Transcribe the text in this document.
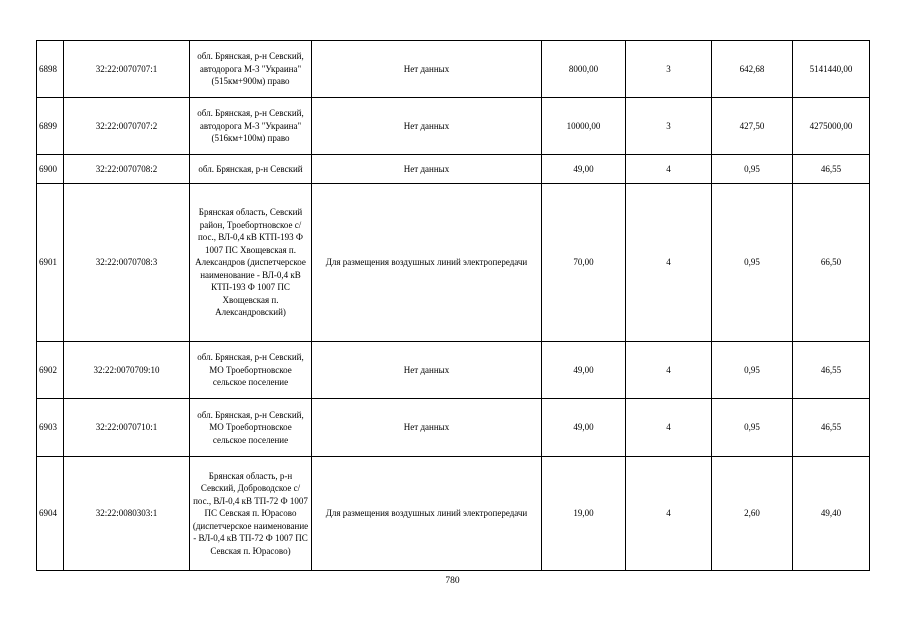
6898	32:22:0070707:1	обл. Брянская, р-н Севский, автодорога М-3 "Украина" (515км+900м) право	Нет данных	8000,00	3	642,68	5141440,00
6899	32:22:0070707:2	обл. Брянская, р-н Севский, автодорога М-3 "Украина" (516км+100м) право	Нет данных	10000,00	3	427,50	4275000,00
6900	32:22:0070708:2	обл. Брянская, р-н Севский	Нет данных	49,00	4	0,95	46,55
6901	32:22:0070708:3	Брянская область, Севский район, Троебортновское с/пос., ВЛ-0,4 кВ КТП-193 Ф 1007 ПС Хвощевская п. Александров (диспетчерское наименование - ВЛ-0,4 кВ КТП-193 Ф 1007 ПС Хвощевская п. Александровский)	Для размещения воздушных линий электропередачи	70,00	4	0,95	66,50
6902	32:22:0070709:10	обл. Брянская, р-н Севский, МО Троебортновское сельское поселение	Нет данных	49,00	4	0,95	46,55
6903	32:22:0070710:1	обл. Брянская, р-н Севский, МО Троебортновское сельское поселение	Нет данных	49,00	4	0,95	46,55
6904	32:22:0080303:1	Брянская область, р-н Севский, Доброводское с/пос., ВЛ-0,4 кВ ТП-72 Ф 1007 ПС Севская п. Юрасово (диспетчерское наименование - ВЛ-0,4 кВ ТП-72 Ф 1007 ПС Севская п. Юрасово)	Для размещения воздушных линий электропередачи	19,00	4	2,60	49,40
780
